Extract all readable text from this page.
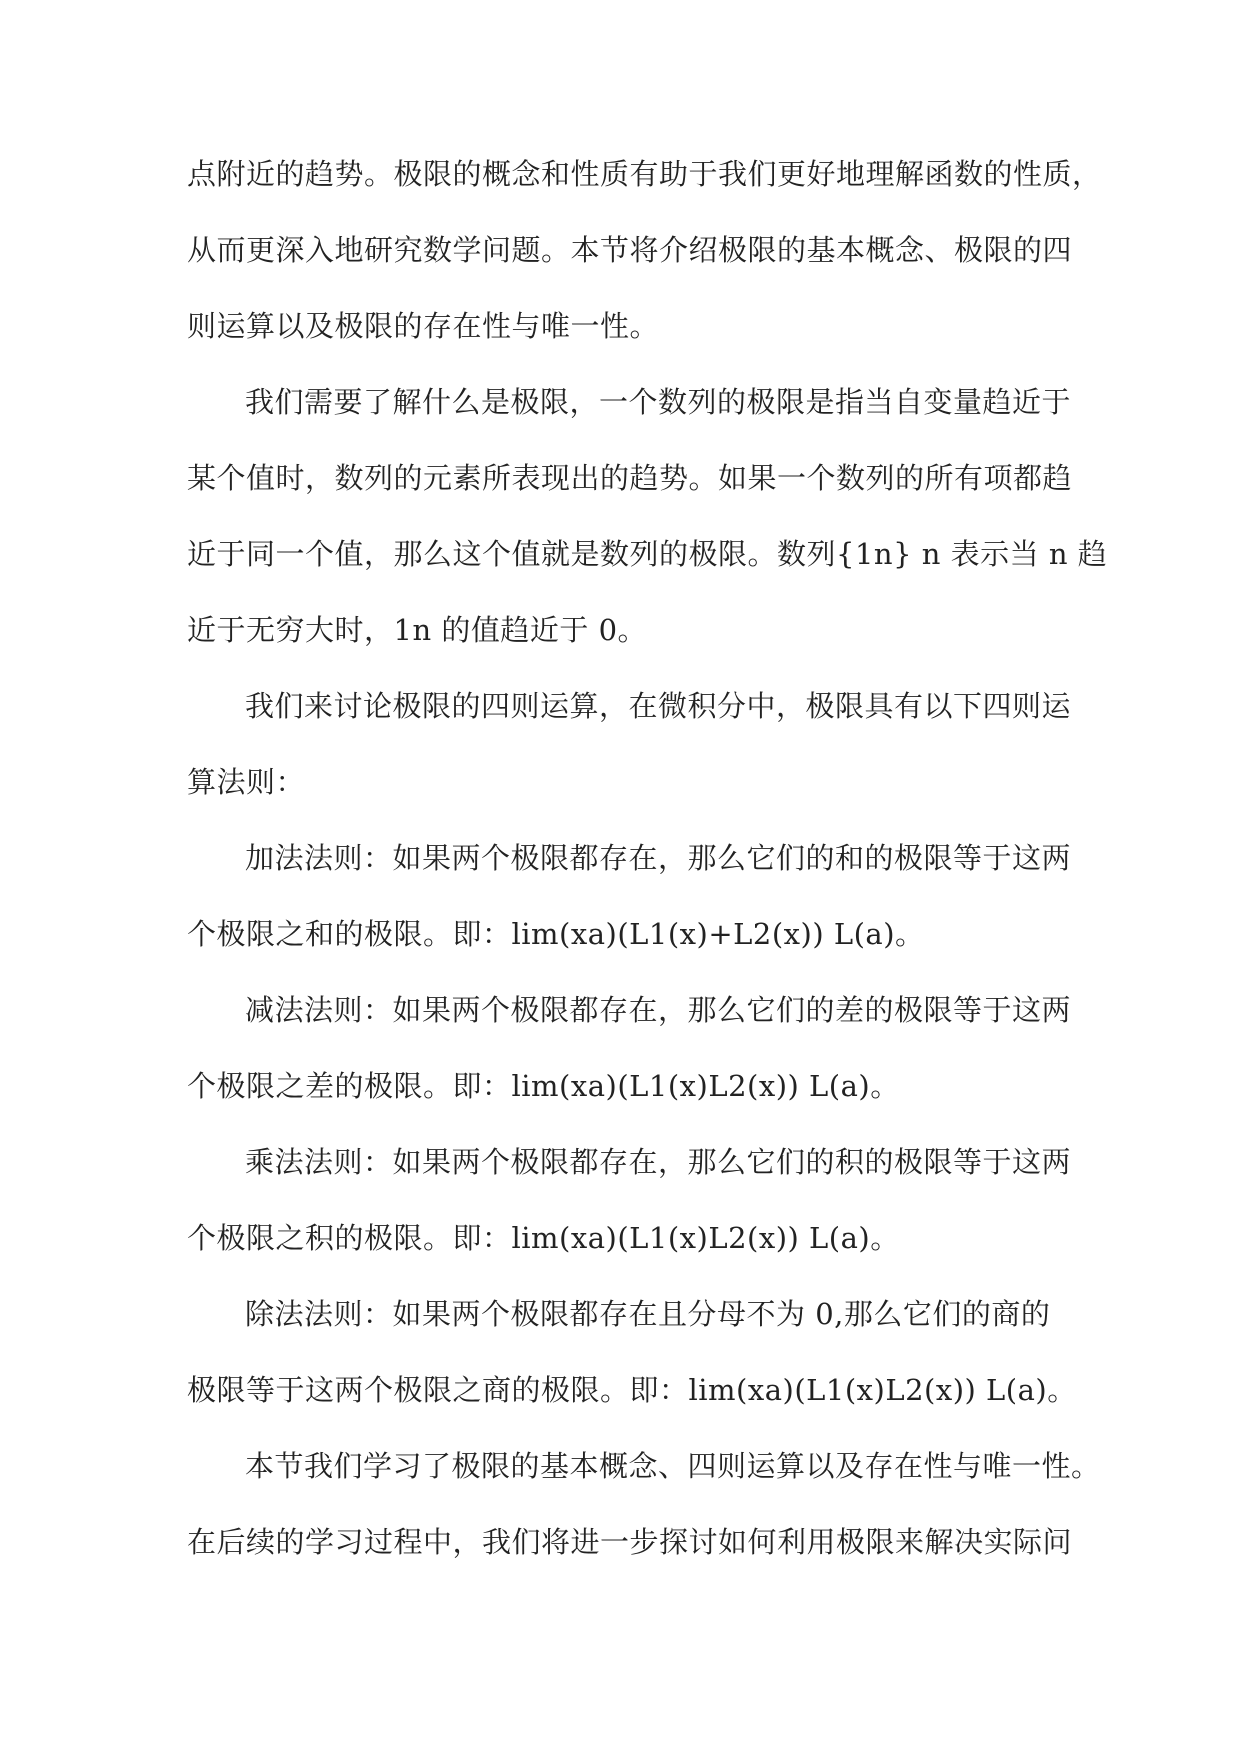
点附近的趋势。极限的概念和性质有助于我们更好地理解函数的性质，
从而更深入地研究数学问题。本节将介绍极限的基本概念、极限的四
则运算以及极限的存在性与唯一性。
我们需要了解什么是极限，一个数列的极限是指当自变量趋近于
某个值时，数列的元素所表现出的趋势。如果一个数列的所有项都趋
近于同一个值，那么这个值就是数列的极限。数列{1n} n 表示当 n 趋
近于无穷大时，1n 的值趋近于 0。
我们来讨论极限的四则运算，在微积分中，极限具有以下四则运
算法则：
加法法则：如果两个极限都存在，那么它们的和的极限等于这两
个极限之和的极限。即：lim(xa)(L1(x)+L2(x)) L(a)。
减法法则：如果两个极限都存在，那么它们的差的极限等于这两
个极限之差的极限。即：lim(xa)(L1(x)L2(x)) L(a)。
乘法法则：如果两个极限都存在，那么它们的积的极限等于这两
个极限之积的极限。即：lim(xa)(L1(x)L2(x)) L(a)。
除法法则：如果两个极限都存在且分母不为 0,那么它们的商的
极限等于这两个极限之商的极限。即：lim(xa)(L1(x)L2(x)) L(a)。
本节我们学习了极限的基本概念、四则运算以及存在性与唯一性。
在后续的学习过程中，我们将进一步探讨如何利用极限来解决实际问
